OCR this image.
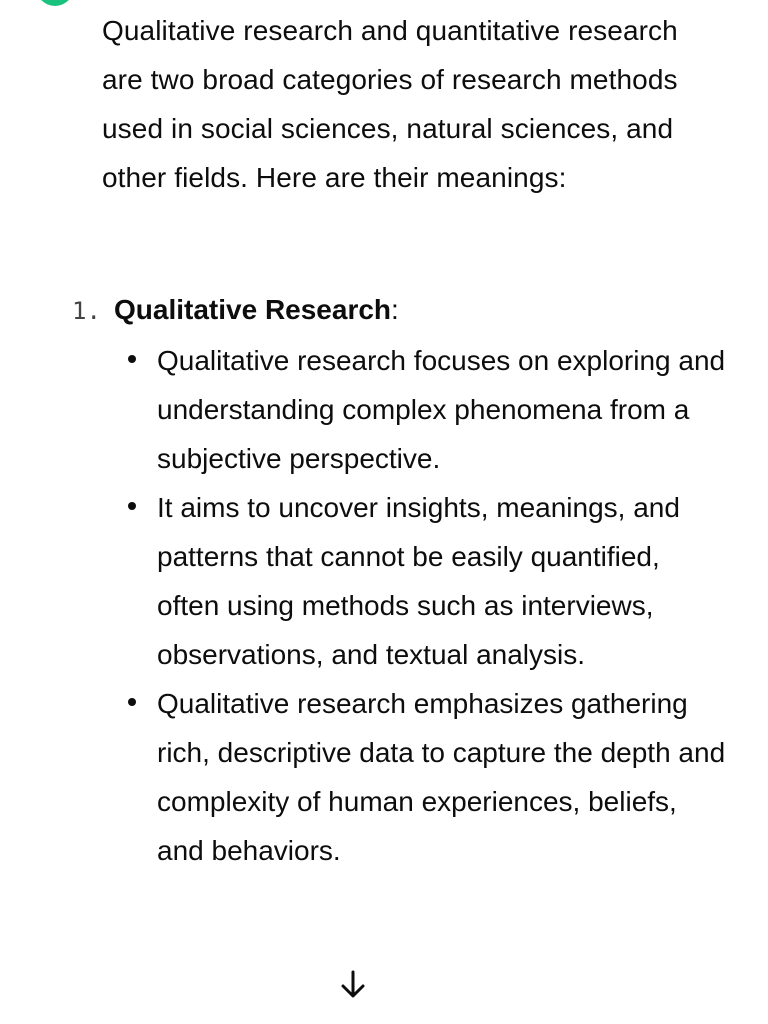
Qualitative research and quantitative research are two broad categories of research methods used in social sciences, natural sciences, and other fields. Here are their meanings:

1. Qualitative Research:
Qualitative research focuses on exploring and understanding complex phenomena from a subjective perspective.
It aims to uncover insights, meanings, and patterns that cannot be easily quantified, often using methods such as interviews, observations, and textual analysis.
Qualitative research emphasizes gathering rich, descriptive data to capture the depth and complexity of human experiences, beliefs, and behaviors.
